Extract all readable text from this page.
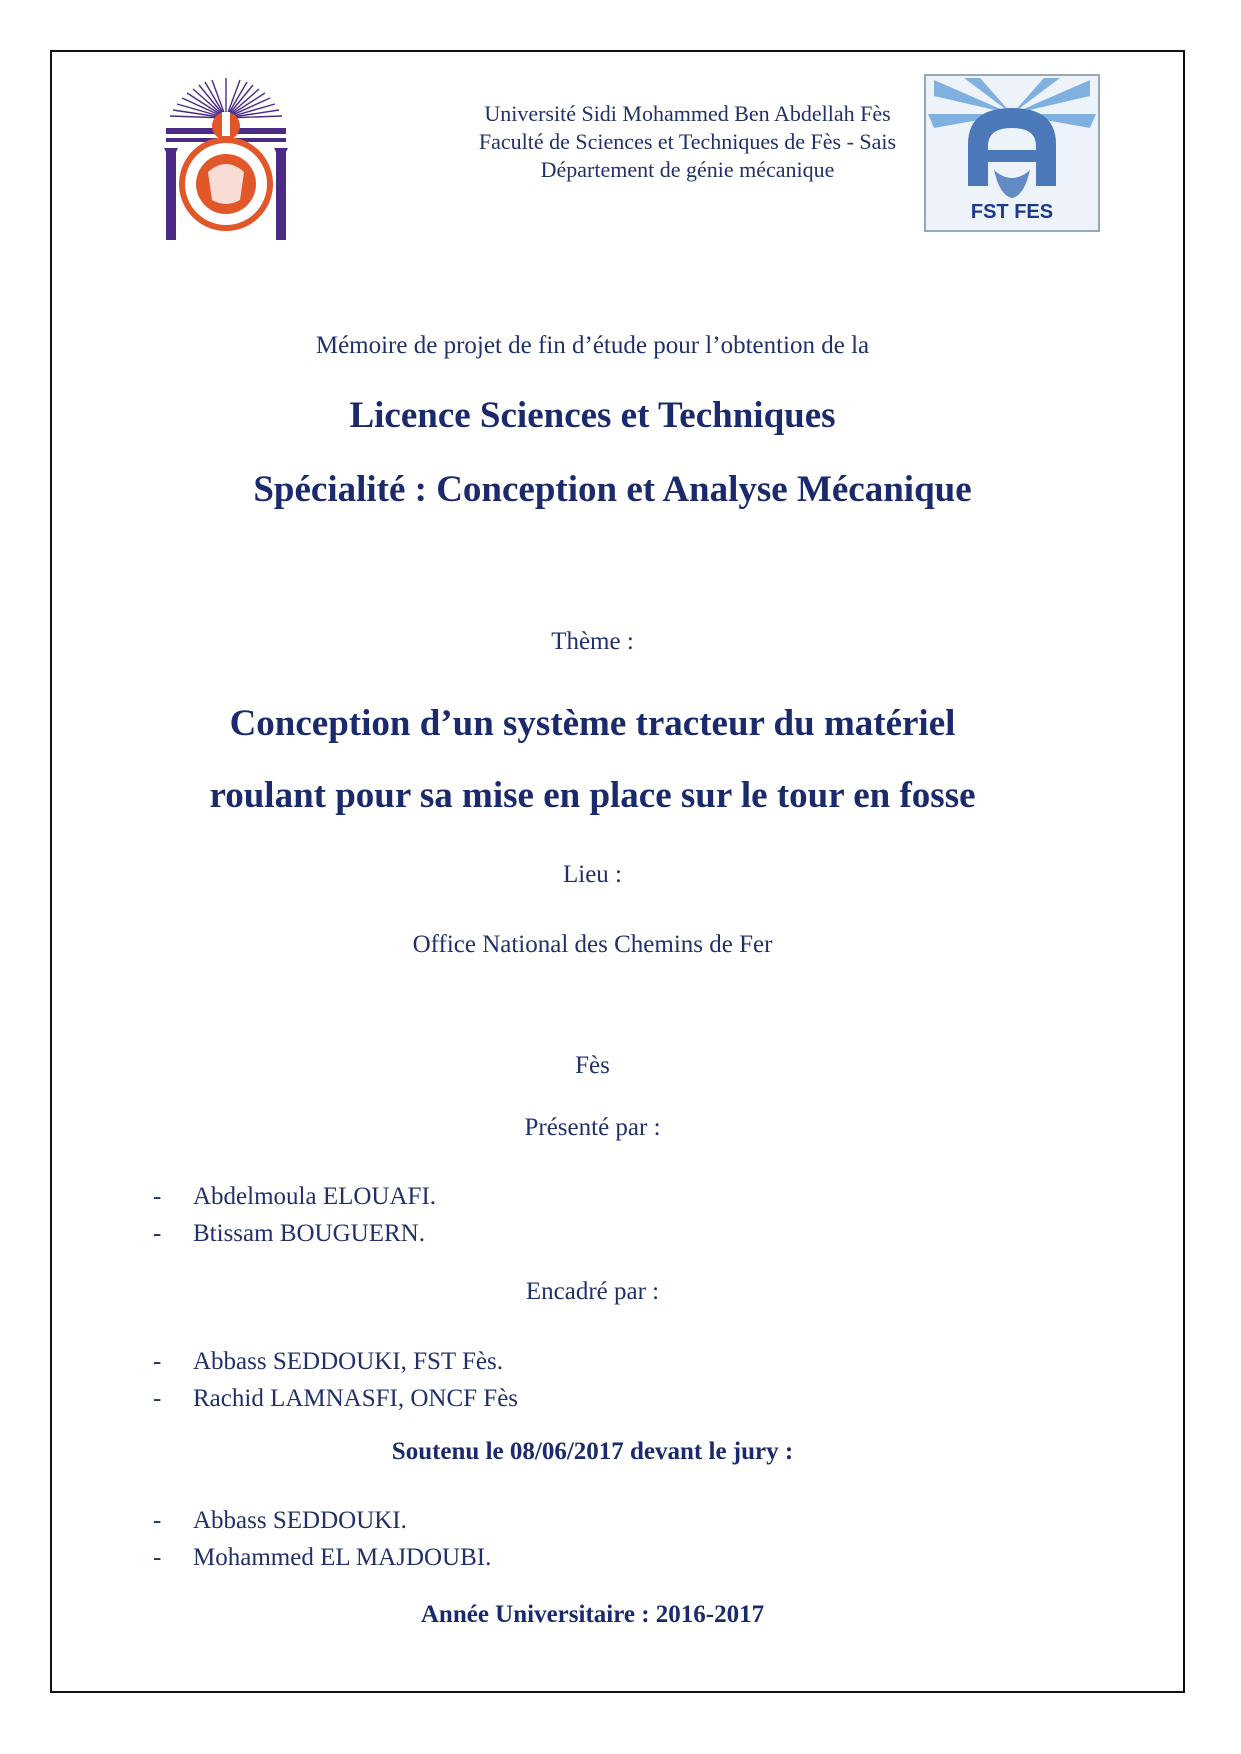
FST FES
Université Sidi Mohammed Ben Abdellah Fès
Faculté de Sciences et Techniques de Fès - Sais
Département de génie mécanique
Mémoire de projet de fin d’étude pour l’obtention de la
Licence Sciences et Techniques
Spécialité : Conception et Analyse Mécanique
Thème :
Conception d’un système tracteur du matériel
roulant pour sa mise en place sur le tour en fosse
Lieu :
Office National des Chemins de Fer
Fès
Présenté par :
- Abdelmoula ELOUAFI.
- Btissam BOUGUERN.
Encadré par :
- Abbass SEDDOUKI, FST Fès.
- Rachid LAMNASFI, ONCF Fès
Soutenu le 08/06/2017 devant le jury :
- Abbass SEDDOUKI.
- Mohammed EL MAJDOUBI.
Année Universitaire : 2016-2017
